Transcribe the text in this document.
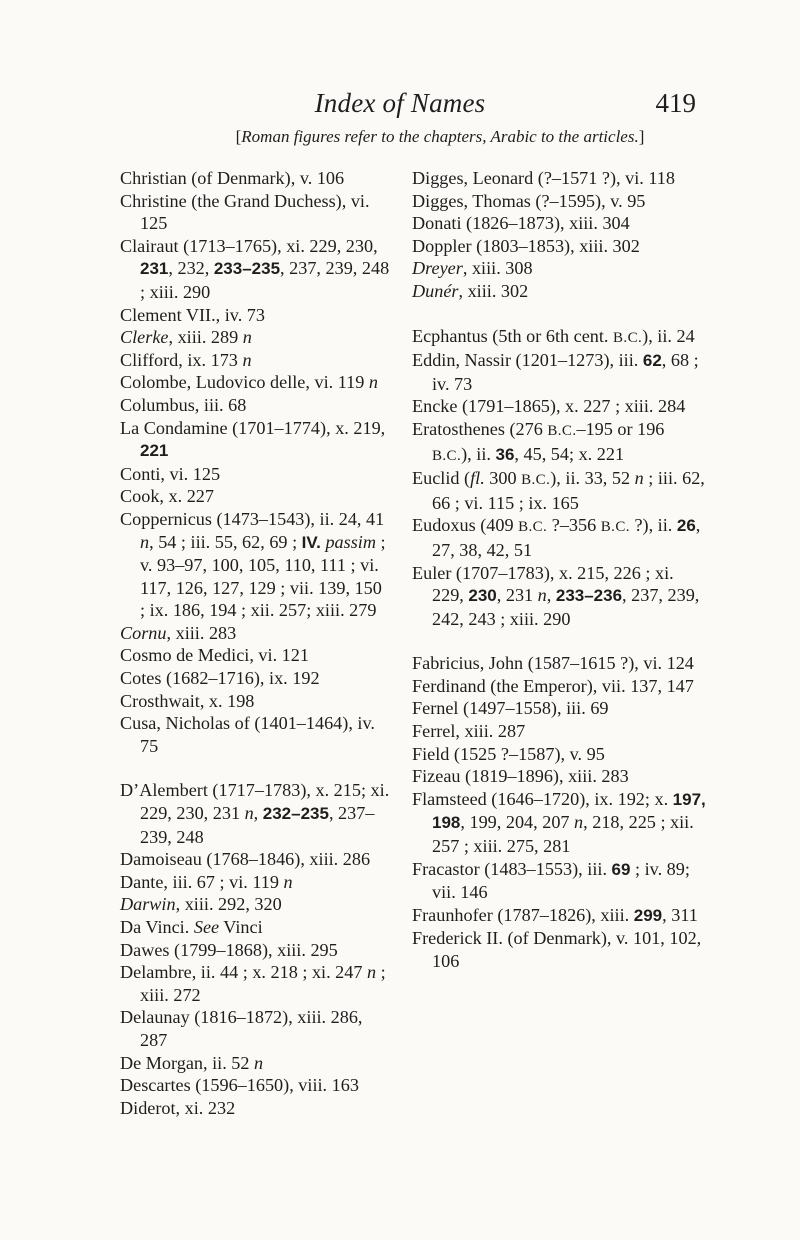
Index of Names	419
[Roman figures refer to the chapters, Arabic to the articles.]
Christian (of Denmark), v. 106
Christine (the Grand Duchess), vi. 125
Clairaut (1713–1765), xi. 229, 230, 231, 232, 233–235, 237, 239, 248 ; xiii. 290
Clement VII., iv. 73
Clerke, xiii. 289 n
Clifford, ix. 173 n
Colombe, Ludovico delle, vi. 119 n
Columbus, iii. 68
La Condamine (1701–1774), x. 219, 221
Conti, vi. 125
Cook, x. 227
Coppernicus (1473–1543), ii. 24, 41 n, 54 ; iii. 55, 62, 69 ; IV. passim ; v. 93–97, 100, 105, 110, 111 ; vi. 117, 126, 127, 129 ; vii. 139, 150 ; ix. 186, 194 ; xii. 257; xiii. 279
Cornu, xiii. 283
Cosmo de Medici, vi. 121
Cotes (1682–1716), ix. 192
Crosthwait, x. 198
Cusa, Nicholas of (1401–1464), iv. 75
D’Alembert (1717–1783), x. 215; xi. 229, 230, 231 n, 232–235, 237–239, 248
Damoiseau (1768–1846), xiii. 286
Dante, iii. 67 ; vi. 119 n
Darwin, xiii. 292, 320
Da Vinci. See Vinci
Dawes (1799–1868), xiii. 295
Delambre, ii. 44 ; x. 218 ; xi. 247 n ; xiii. 272
Delaunay (1816–1872), xiii. 286, 287
De Morgan, ii. 52 n
Descartes (1596–1650), viii. 163
Diderot, xi. 232
Digges, Leonard (?–1571 ?), vi. 118
Digges, Thomas (?–1595), v. 95
Donati (1826–1873), xiii. 304
Doppler (1803–1853), xiii. 302
Dreyer, xiii. 308
Dunér, xiii. 302
Ecphantus (5th or 6th cent. B.C.), ii. 24
Eddin, Nassir (1201–1273), iii. 62, 68 ; iv. 73
Encke (1791–1865), x. 227 ; xiii. 284
Eratosthenes (276 B.C.–195 or 196 B.C.), ii. 36, 45, 54; x. 221
Euclid (fl. 300 B.C.), ii. 33, 52 n ; iii. 62, 66 ; vi. 115 ; ix. 165
Eudoxus (409 B.C. ?–356 B.C. ?), ii. 26, 27, 38, 42, 51
Euler (1707–1783), x. 215, 226 ; xi. 229, 230, 231 n, 233–236, 237, 239, 242, 243 ; xiii. 290
Fabricius, John (1587–1615 ?), vi. 124
Ferdinand (the Emperor), vii. 137, 147
Fernel (1497–1558), iii. 69
Ferrel, xiii. 287
Field (1525 ?–1587), v. 95
Fizeau (1819–1896), xiii. 283
Flamsteed (1646–1720), ix. 192; x. 197, 198, 199, 204, 207 n, 218, 225 ; xii. 257 ; xiii. 275, 281
Fracastor (1483–1553), iii. 69 ; iv. 89; vii. 146
Fraunhofer (1787–1826), xiii. 299, 311
Frederick II. (of Denmark), v. 101, 102, 106
